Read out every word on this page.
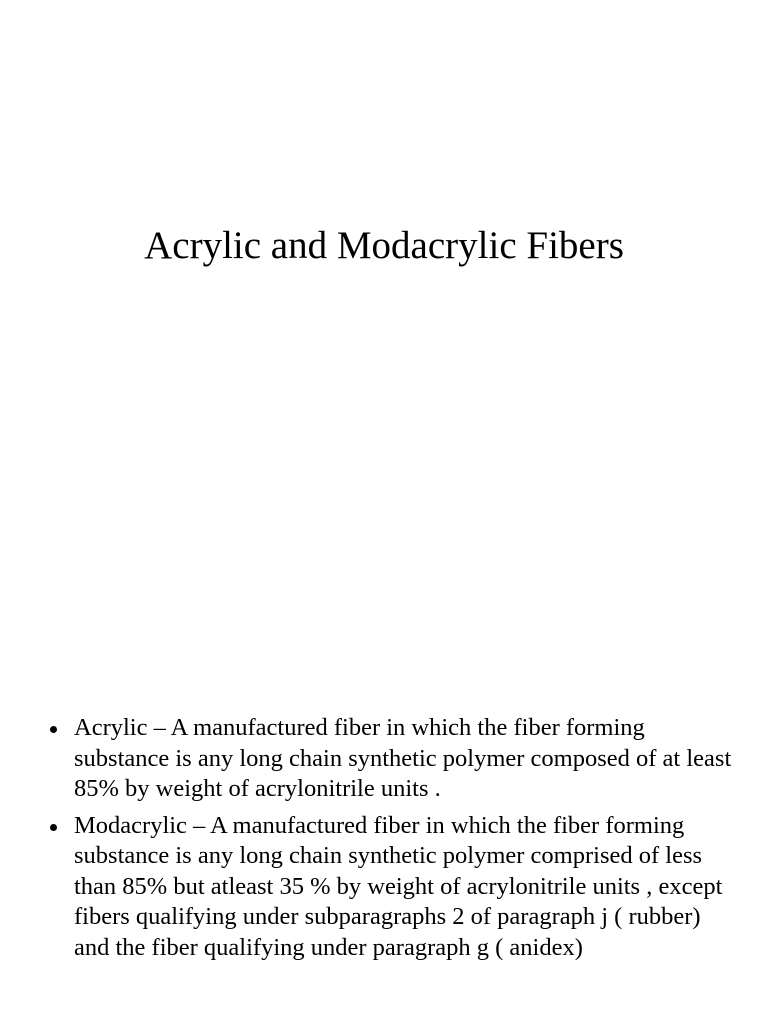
Acrylic and Modacrylic Fibers
Acrylic – A manufactured fiber in which the fiber forming substance is any long chain synthetic polymer composed of at least 85% by weight of acrylonitrile units .
Modacrylic – A manufactured fiber in which the fiber forming substance is any long chain synthetic polymer comprised of less than 85% but atleast 35 % by weight of acrylonitrile units , except fibers qualifying under subparagraphs 2 of paragraph j ( rubber) and the fiber qualifying under paragraph g ( anidex)
